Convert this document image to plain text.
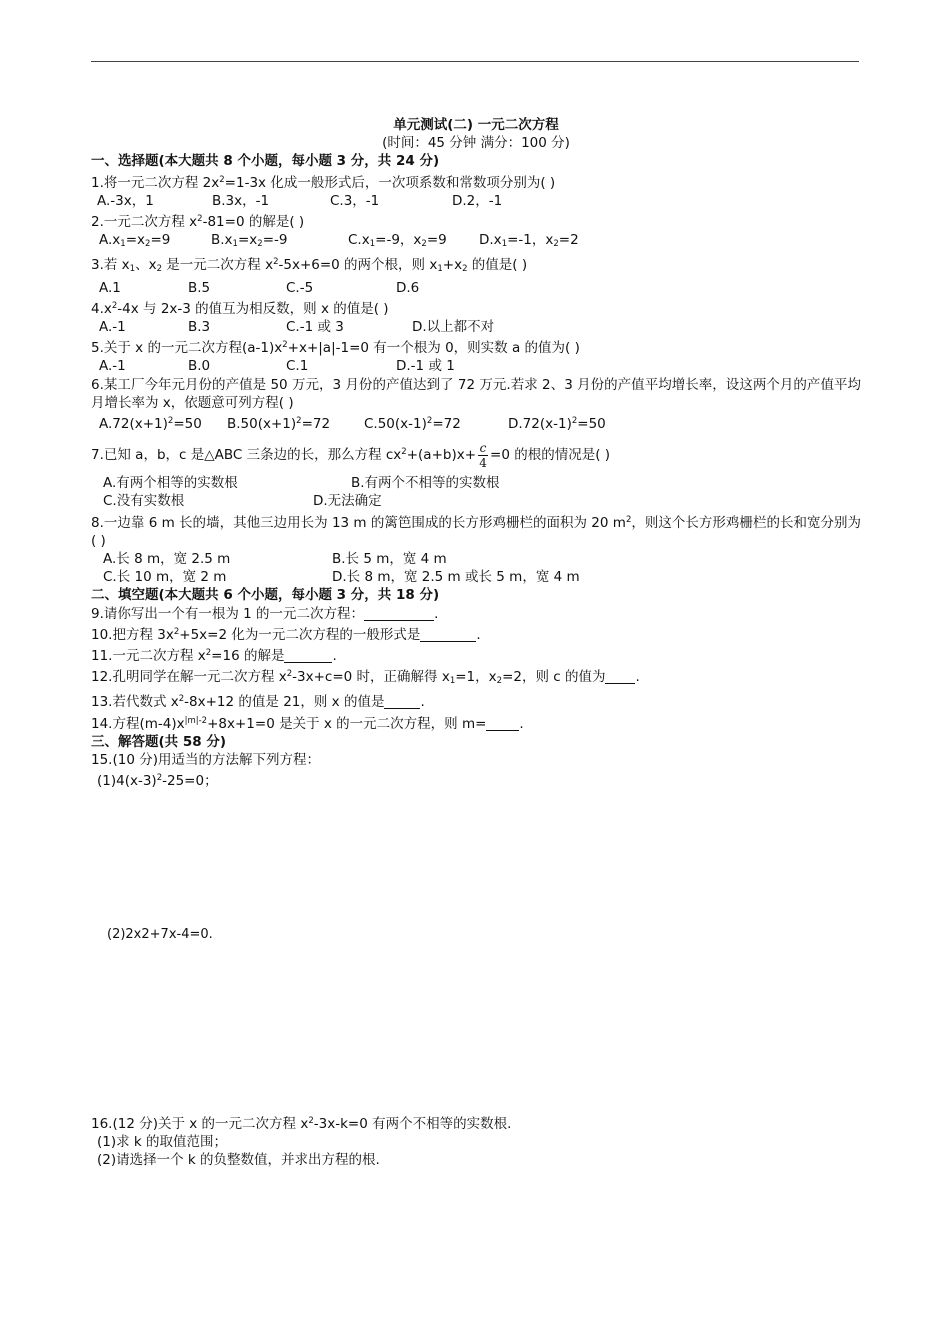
单元测试(二) 一元二次方程
(时间：45 分钟 满分：100 分)
一、选择题(本大题共 8 个小题，每小题 3 分，共 24 分)
1.将一元二次方程 $2x^2=1-3x$ 化成一般形式后，一次项系数和常数项分别为( )
A.-3x，1	B.3x，-1	C.3，-1	D.2，-1
2.一元二次方程 $x^2-81=0$ 的解是( )
$A.x_1=x_2=9$	$B.x_1=x_2=-9$	$C.x_1=-9$，$x_2=9$	$D.x_1=-1$，$x_2=2$
3.若 $x_1$、$x_2$ 是一元二次方程 $x^2-5x+6=0$ 的两个根，则 $x_1+x_2$ 的值是( )
A.1	B.5	C.-5	D.6
$4.x^2-4x$ 与 2x-3 的值互为相反数，则 x 的值是( )
A.-1	B.3	C.-1 或 3	D.以上都不对
5.关于 x 的一元二次方程$(a-1)x^2+x+|a|-1=0$ 有一个根为 0，则实数 a 的值为( )
A.-1	B.0	C.1	D.-1 或 1
6.某工厂今年元月份的产值是 50 万元，3 月份的产值达到了 72 万元.若求 2、3 月份的产值平均增长率，设这两个月的产值平均月增长率为 x，依题意可列方程( )
$A.72(x+1)^2=50$	$B.50(x+1)^2=72$	$C.50(x-1)^2=72$	$D.72(x-1)^2=50$
7.已知 a，b，c 是△ABC 三条边的长，那么方程 $cx^2+(a+b)x+ \frac{c}{4} =0$ 的根的情况是( )
A.有两个相等的实数根	B.有两个不相等的实数根
C.没有实数根	D.无法确定
8.一边靠 6 m 长的墙，其他三边用长为 13 m 的篱笆围成的长方形鸡栅栏的面积为 20 $m^2$，则这个长方形鸡栅栏的长和宽分别为( )
A.长 8 m，宽 2.5 m	B.长 5 m，宽 4 m
C.长 10 m，宽 2 m	D.长 8 m，宽 2.5 m 或长 5 m，宽 4 m
二、填空题(本大题共 6 个小题，每小题 3 分，共 18 分)
9.请你写出一个有一根为 1 的一元二次方程：	.
10.把方程 $3x^2+5x=2$ 化为一元二次方程的一般形式是	.
11.一元二次方程 $x^2=16$ 的解是	.
12.孔明同学在解一元二次方程 $x^2-3x+c=0$ 时，正确解得 $x_1=1$，$x_2=2$，则 c 的值为 .
13.若代数式 $x^2-8x+12$ 的值是 21，则 x 的值是	.
14.方程$(m-4)x^{|m|-2}+8x+1=0$ 是关于 x 的一元二次方程，则 m= .
三、解答题(共 58 分)
15.(10 分)用适当的方法解下列方程：
$(1)4(x-3)^2-25=0$；
(2)2x2+7x-4=0.
16.(12 分)关于 x 的一元二次方程 $x^2-3x-k=0$ 有两个不相等的实数根.
(1)求 k 的取值范围；
(2)请选择一个 k 的负整数值，并求出方程的根.
